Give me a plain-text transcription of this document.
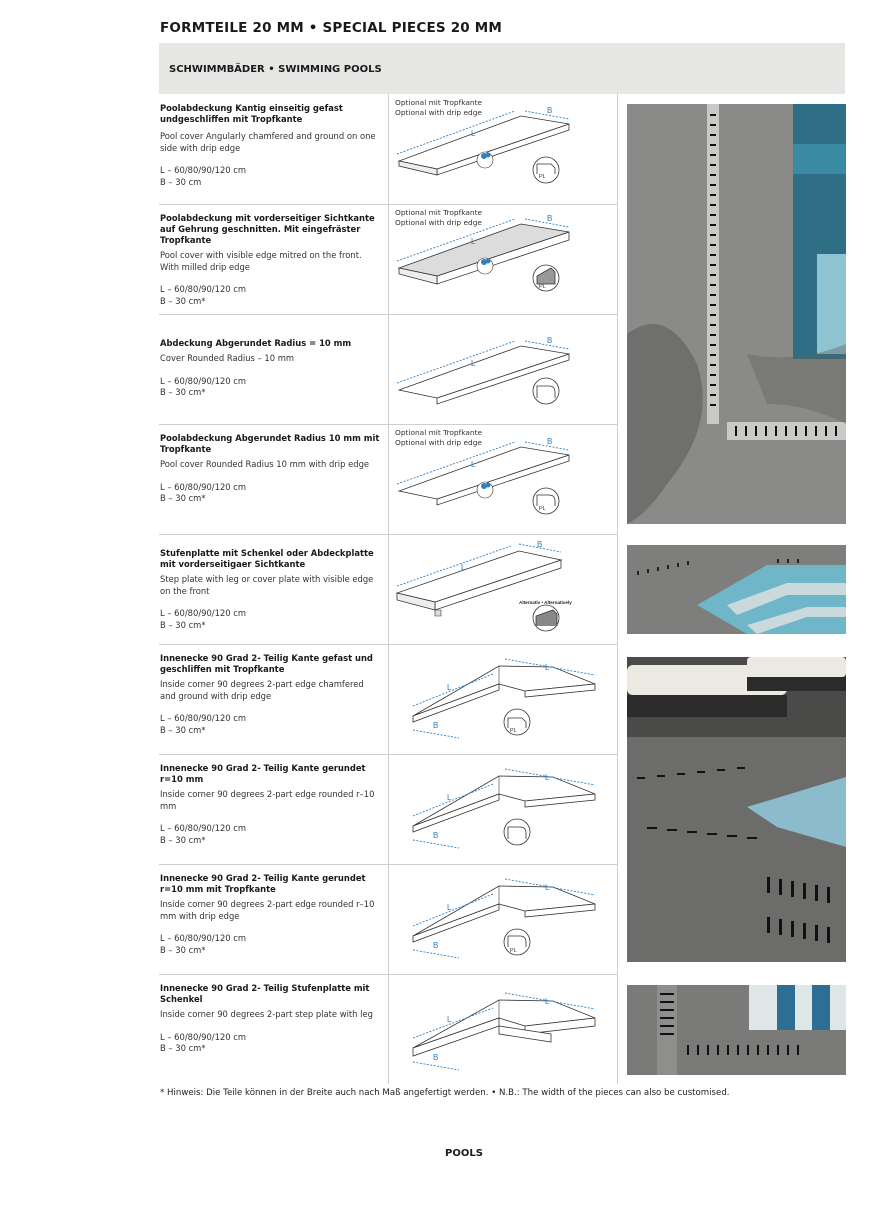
FORMTEILE 20 MM • SPECIAL PIECES 20 MM
SCHWIMMBÄDER • SWIMMING POOLS
Poolabdeckung Kantig einseitig gefast undgeschliffen mit Tropfkante
Pool cover Angularly chamfered and ground on one side with drip edge
L – 60/80/90/120 cm
B – 30 cm
Optional mit Tropfkante
Optional with drip edge
L
B
PL
Poolabdeckung mit vorderseitiger Sichtkante auf Gehrung geschnitten. Mit eingefräster Tropfkante
Pool cover with visible edge mitred on the front. With milled drip edge
L – 60/80/90/120 cm
B – 30 cm*
Optional mit Tropfkante
Optional with drip edge
L
B
PL
Abdeckung Abgerundet Radius = 10 mm
Cover Rounded Radius – 10 mm
L – 60/80/90/120 cm
B – 30 cm*
L
B
Poolabdeckung Abgerundet Radius 10 mm mit Tropfkante
Pool cover Rounded Radius 10 mm with drip edge
L – 60/80/90/120 cm
B – 30 cm*
Optional mit Tropfkante
Optional with drip edge
L
B
PL
Stufenplatte mit Schenkel oder Abdeckplatte mit vorderseitigaer Sichtkante
Step plate with leg or cover plate with visible edge on the front
L – 60/80/90/120 cm
B – 30 cm*
L
B
Alternativ • Alternatively
Innenecke 90 Grad 2- Teilig Kante gefast und geschliffen mit Tropfkante
Inside corner 90 degrees 2-part edge chamfered and ground with drip edge
L – 60/80/90/120 cm
B – 30 cm*
L
L
B
PL
Innenecke 90 Grad 2- Teilig Kante gerundet r=10 mm
Inside corner 90 degrees 2-part edge rounded r–10 mm
L – 60/80/90/120 cm
B – 30 cm*
L
L
B
Innenecke 90 Grad 2- Teilig Kante gerundet r=10 mm mit Tropfkante
Inside corner 90 degrees 2-part edge rounded r–10 mm with drip edge
L – 60/80/90/120 cm
B – 30 cm*
L
L
B
PL
Innenecke 90 Grad 2- Teilig Stufenplatte mit Schenkel
Inside corner 90 degrees 2-part step plate with leg
L – 60/80/90/120 cm
B – 30 cm*
L
L
B
* Hinweis: Die Teile können in der Breite auch nach Maß angefertigt werden. • N.B.: The width of the pieces can also be customised.
POOLS
